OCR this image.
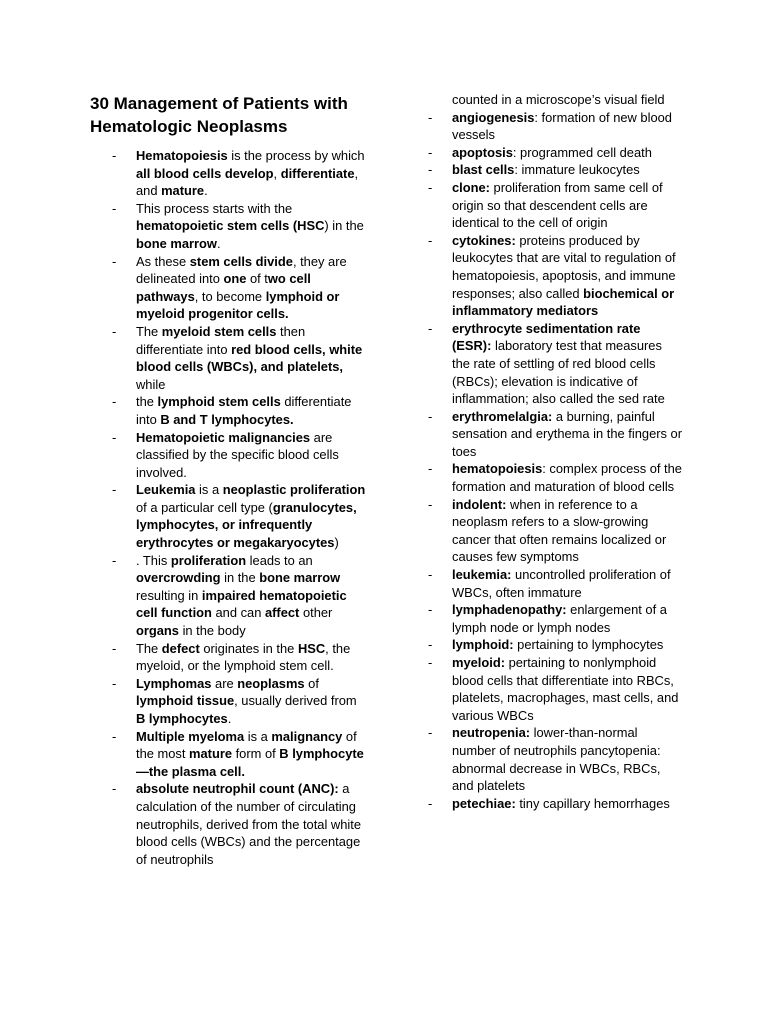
30 Management of Patients with Hematologic Neoplasms
- Hematopoiesis is the process by which all blood cells develop, differentiate, and mature.
- This process starts with the hematopoietic stem cells (HSC) in the bone marrow.
- As these stem cells divide, they are delineated into one of two cell pathways, to become lymphoid or myeloid progenitor cells.
- The myeloid stem cells then differentiate into red blood cells, white blood cells (WBCs), and platelets, while
- the lymphoid stem cells differentiate into B and T lymphocytes.
- Hematopoietic malignancies are classified by the specific blood cells involved.
- Leukemia is a neoplastic proliferation of a particular cell type (granulocytes, lymphocytes, or infrequently erythrocytes or megakaryocytes)
- . This proliferation leads to an overcrowding in the bone marrow resulting in impaired hematopoietic cell function and can affect other organs in the body
- The defect originates in the HSC, the myeloid, or the lymphoid stem cell.
- Lymphomas are neoplasms of lymphoid tissue, usually derived from B lymphocytes.
- Multiple myeloma is a malignancy of the most mature form of B lymphocyte—the plasma cell.
- absolute neutrophil count (ANC): a calculation of the number of circulating neutrophils, derived from the total white blood cells (WBCs) and the percentage of neutrophils
counted in a microscope’s visual field
- angiogenesis: formation of new blood vessels
- apoptosis: programmed cell death
- blast cells: immature leukocytes
- clone: proliferation from same cell of origin so that descendent cells are identical to the cell of origin
- cytokines: proteins produced by leukocytes that are vital to regulation of hematopoiesis, apoptosis, and immune responses; also called biochemical or inflammatory mediators
- erythrocyte sedimentation rate (ESR): laboratory test that measures the rate of settling of red blood cells (RBCs); elevation is indicative of inflammation; also called the sed rate
- erythromelalgia: a burning, painful sensation and erythema in the fingers or toes
- hematopoiesis: complex process of the formation and maturation of blood cells
- indolent: when in reference to a neoplasm refers to a slow-growing cancer that often remains localized or causes few symptoms
- leukemia: uncontrolled proliferation of WBCs, often immature
- lymphadenopathy: enlargement of a lymph node or lymph nodes
- lymphoid: pertaining to lymphocytes
- myeloid: pertaining to nonlymphoid blood cells that differentiate into RBCs, platelets, macrophages, mast cells, and various WBCs
- neutropenia: lower-than-normal number of neutrophils pancytopenia: abnormal decrease in WBCs, RBCs, and platelets
- petechiae: tiny capillary hemorrhages
